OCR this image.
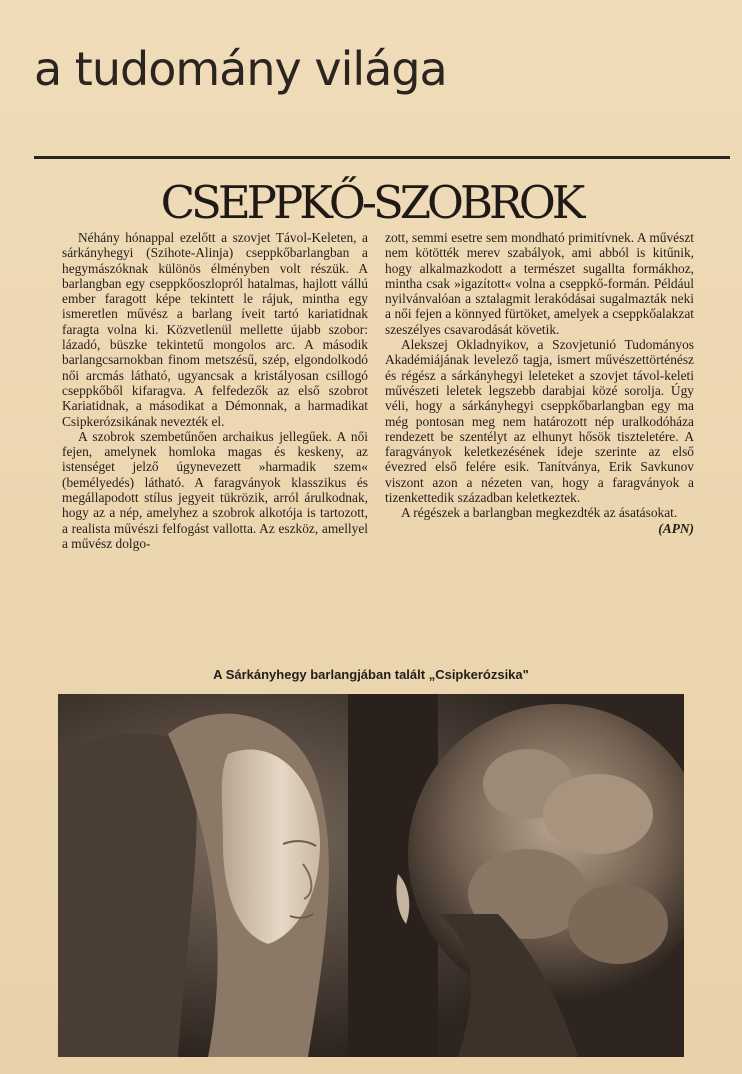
a tudomány világa
CSEPPKŐ-SZOBROK

Néhány hónappal ezelőtt a szovjet Távol-Keleten, a sárkányhegyi (Szihote-Alinja) cseppkőbarlangban a hegymászóknak különös élményben volt részük. A barlangban egy cseppkőoszlopról hatalmas, hajlott vállú ember faragott képe tekintett le rájuk, mintha egy ismeretlen művész a barlang íveit tartó kariatidnak faragta volna ki. Közvetlenül mellette újabb szobor: lázadó, büszke tekintetű mongolos arc. A második barlangcsarnokban finom metszésű, szép, elgondolkodó női arcmás látható, ugyancsak a kristályosan csillogó cseppkőből kifaragva. A felfedezők az első szobrot Kariatidnak, a másodikat a Démonnak, a harmadikat Csipkerózsikának nevezték el.

A szobrok szembetűnően archaikus jellegűek. A női fejen, amelynek homloka magas és keskeny, az istenséget jelző úgynevezett »harmadik szem« (bemélyedés) látható. A faragványok klasszikus és megállapodott stílus jegyeit tükrözik, arról árulkodnak, hogy az a nép, amelyhez a szobrok alkotója is tartozott, a realista művészi felfogást vallotta. Az eszköz, amellyel a művész dolgo-

zott, semmi esetre sem mondható primitívnek. A művészt nem kötötték merev szabályok, ami abból is kitűnik, hogy alkalmazkodott a természet sugallta formákhoz, mintha csak »igazított« volna a cseppkő-formán. Például nyilvánvalóan a sztalagmit lerakódásai sugalmazták neki a női fejen a könnyed fürtöket, amelyek a cseppkőalakzat szeszélyes csavarodását követik.

Alekszej Okladnyikov, a Szovjetunió Tudományos Akadémiájának levelező tagja, ismert művészettörténész és régész a sárkányhegyi leleteket a szovjet távol-keleti művészeti leletek legszebb darabjai közé sorolja. Úgy véli, hogy a sárkányhegyi cseppkőbarlangban egy ma még pontosan meg nem határozott nép uralkodóháza rendezett be szentélyt az elhunyt hősök tiszteletére. A faragványok keletkezésének ideje szerinte az első évezred első felére esik. Tanítványa, Erik Savkunov viszont azon a nézeten van, hogy a faragványok a tizenkettedik században keletkeztek.

A régészek a barlangban megkezdték az ásatásokat.

(APN)
A Sárkányhegy barlangjában talált „Csipkerózsika"
